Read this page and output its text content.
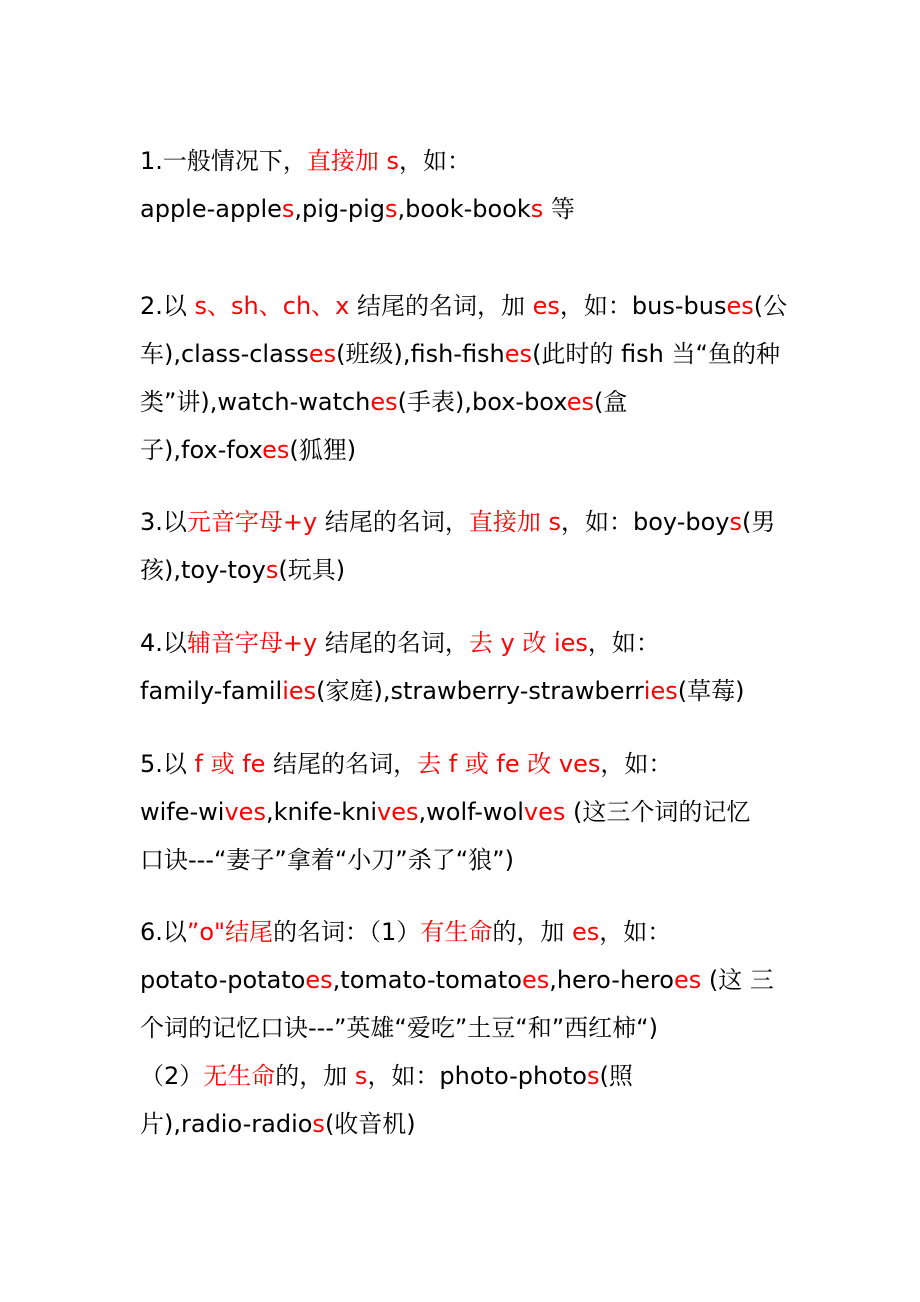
1.一般情况下，直接加 s，如：
apple-apples,pig-pigs,book-books 等
2.以 s、sh、ch、x 结尾的名词，加 es，如：bus-buses(公
车),class-classes(班级),fish-fishes(此时的 fish 当“鱼的种
类”讲),watch-watches(手表),box-boxes(盒
子),fox-foxes(狐狸)
3.以元音字母+y 结尾的名词，直接加 s，如：boy-boys(男
孩),toy-toys(玩具)
4.以辅音字母+y 结尾的名词，去 y 改 ies，如：
family-families(家庭),strawberry-strawberries(草莓)
5.以 f 或 fe 结尾的名词，去 f 或 fe 改 ves，如：
wife-wives,knife-knives,wolf-wolves (这三个词的记忆
口诀---“妻子”拿着“小刀”杀了“狼”)
6.以”o"结尾的名词：（1）有生命的，加 es，如：
potato-potatoes,tomato-tomatoes,hero-heroes (这 三
个词的记忆口诀---”英雄“爱吃”土豆“和”西红柿“)
（2）无生命的，加 s，如：photo-photos(照
片),radio-radios(收音机)
